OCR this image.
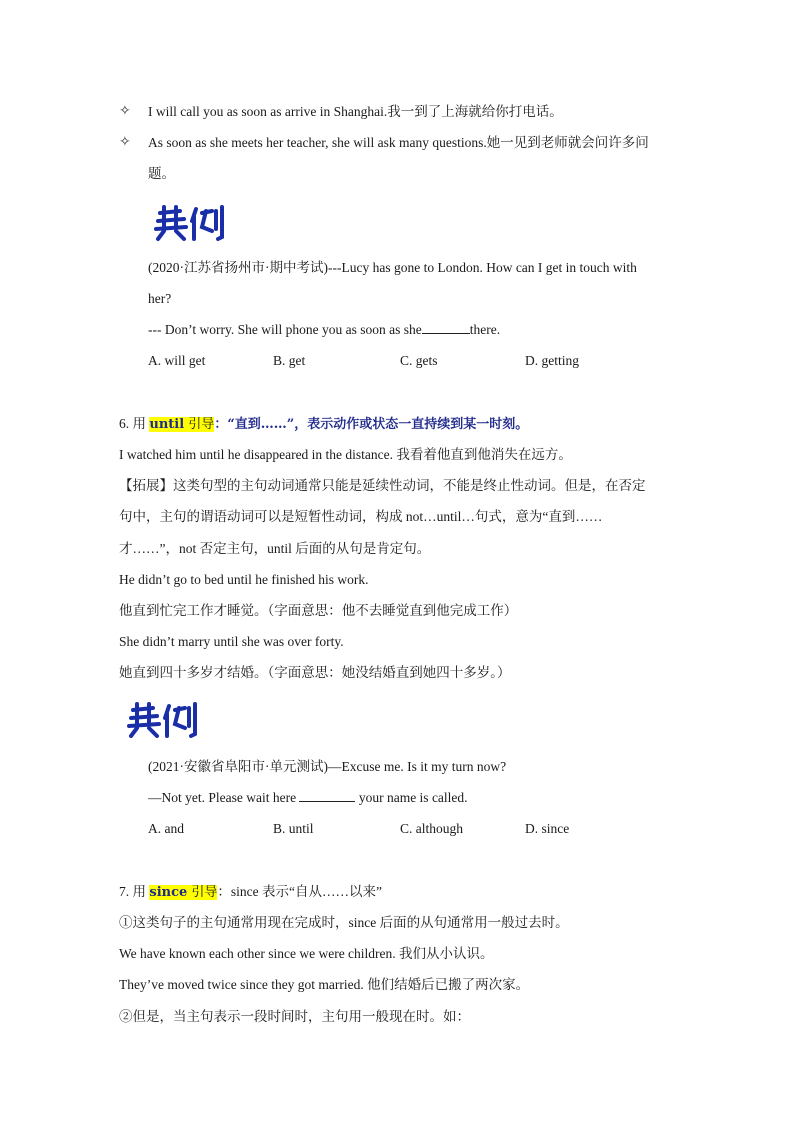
✧ I will call you as soon as arrive in Shanghai.我一到了上海就给你打电话。
✧ As soon as she meets her teacher, she will ask many questions.她一见到老师就会问许多问
题。
(2020·江苏省扬州市·期中考试)---Lucy has gone to London. How can I get in touch with
her?
--- Don’t worry. She will phone you as soon as she	there.
A. will get	B. get	C. gets	D. getting
6. 用 until 引导：“直到……”，表示动作或状态一直持续到某一时刻。
I watched him until he disappeared in the distance. 我看着他直到他消失在远方。
【拓展】这类句型的主句动词通常只能是延续性动词，不能是终止性动词。但是，在否定
句中，主句的谓语动词可以是短暂性动词，构成 not…until…句式，意为“直到……
才……”，not 否定主句，until 后面的从句是肯定句。
He didn’t go to bed until he finished his work.
他直到忙完工作才睡觉。（字面意思：他不去睡觉直到他完成工作）
She didn’t marry until she was over forty.
她直到四十多岁才结婚。（字面意思：她没结婚直到她四十多岁。）
(2021·安徽省阜阳市·单元测试)—Excuse me. Is it my turn now?
—Not yet. Please wait here	your name is called.
A. and	B. until	C. although	D. since
7. 用 since 引导：since 表示“自从……以来”
①这类句子的主句通常用现在完成时，since 后面的从句通常用一般过去时。
We have known each other since we were children. 我们从小认识。
They’ve moved twice since they got married. 他们结婚后已搬了两次家。
②但是，当主句表示一段时间时，主句用一般现在时。如：
